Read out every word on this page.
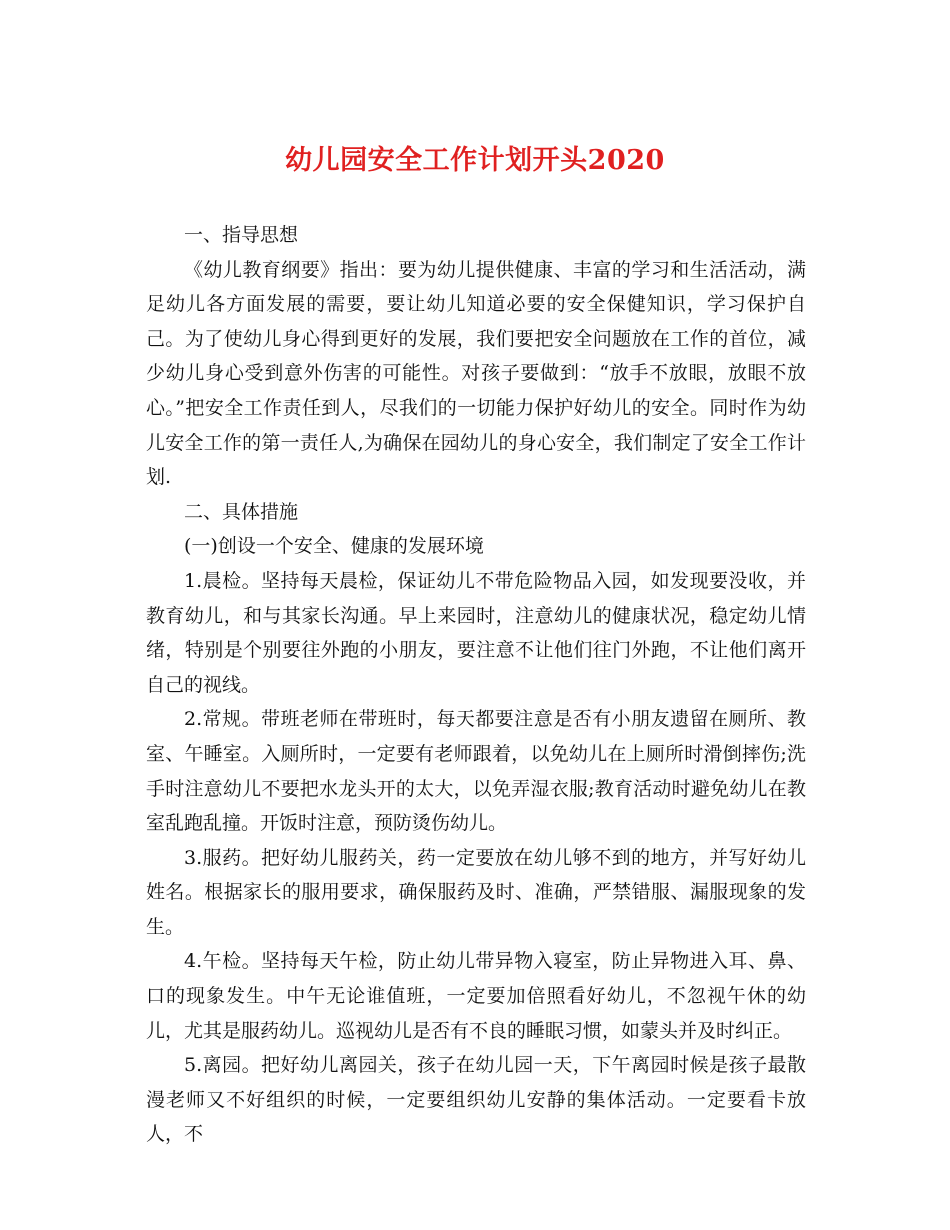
幼儿园安全工作计划开头2020

一、指导思想

《幼儿教育纲要》指出：要为幼儿提供健康、丰富的学习和生活活动，满足幼儿各方面发展的需要，要让幼儿知道必要的安全保健知识，学习保护自己。为了使幼儿身心得到更好的发展，我们要把安全问题放在工作的首位，减少幼儿身心受到意外伤害的可能性。对孩子要做到：“放手不放眼，放眼不放心。”把安全工作责任到人，尽我们的一切能力保护好幼儿的安全。同时作为幼儿安全工作的第一责任人,为确保在园幼儿的身心安全，我们制定了安全工作计划.

二、具体措施

(一)创设一个安全、健康的发展环境

1.晨检。坚持每天晨检，保证幼儿不带危险物品入园，如发现要没收，并教育幼儿，和与其家长沟通。早上来园时，注意幼儿的健康状况，稳定幼儿情绪，特别是个别要往外跑的小朋友，要注意不让他们往门外跑，不让他们离开自己的视线。

2.常规。带班老师在带班时，每天都要注意是否有小朋友遗留在厕所、教室、午睡室。入厕所时，一定要有老师跟着，以免幼儿在上厕所时滑倒摔伤;洗手时注意幼儿不要把水龙头开的太大，以免弄湿衣服;教育活动时避免幼儿在教室乱跑乱撞。开饭时注意，预防烫伤幼儿。

3.服药。把好幼儿服药关，药一定要放在幼儿够不到的地方，并写好幼儿姓名。根据家长的服用要求，确保服药及时、准确，严禁错服、漏服现象的发生。

4.午检。坚持每天午检，防止幼儿带异物入寝室，防止异物进入耳、鼻、口的现象发生。中午无论谁值班，一定要加倍照看好幼儿，不忽视午休的幼儿，尤其是服药幼儿。巡视幼儿是否有不良的睡眠习惯，如蒙头并及时纠正。

5.离园。把好幼儿离园关，孩子在幼儿园一天，下午离园时候是孩子最散漫老师又不好组织的时候，一定要组织幼儿安静的集体活动。一定要看卡放人，不
